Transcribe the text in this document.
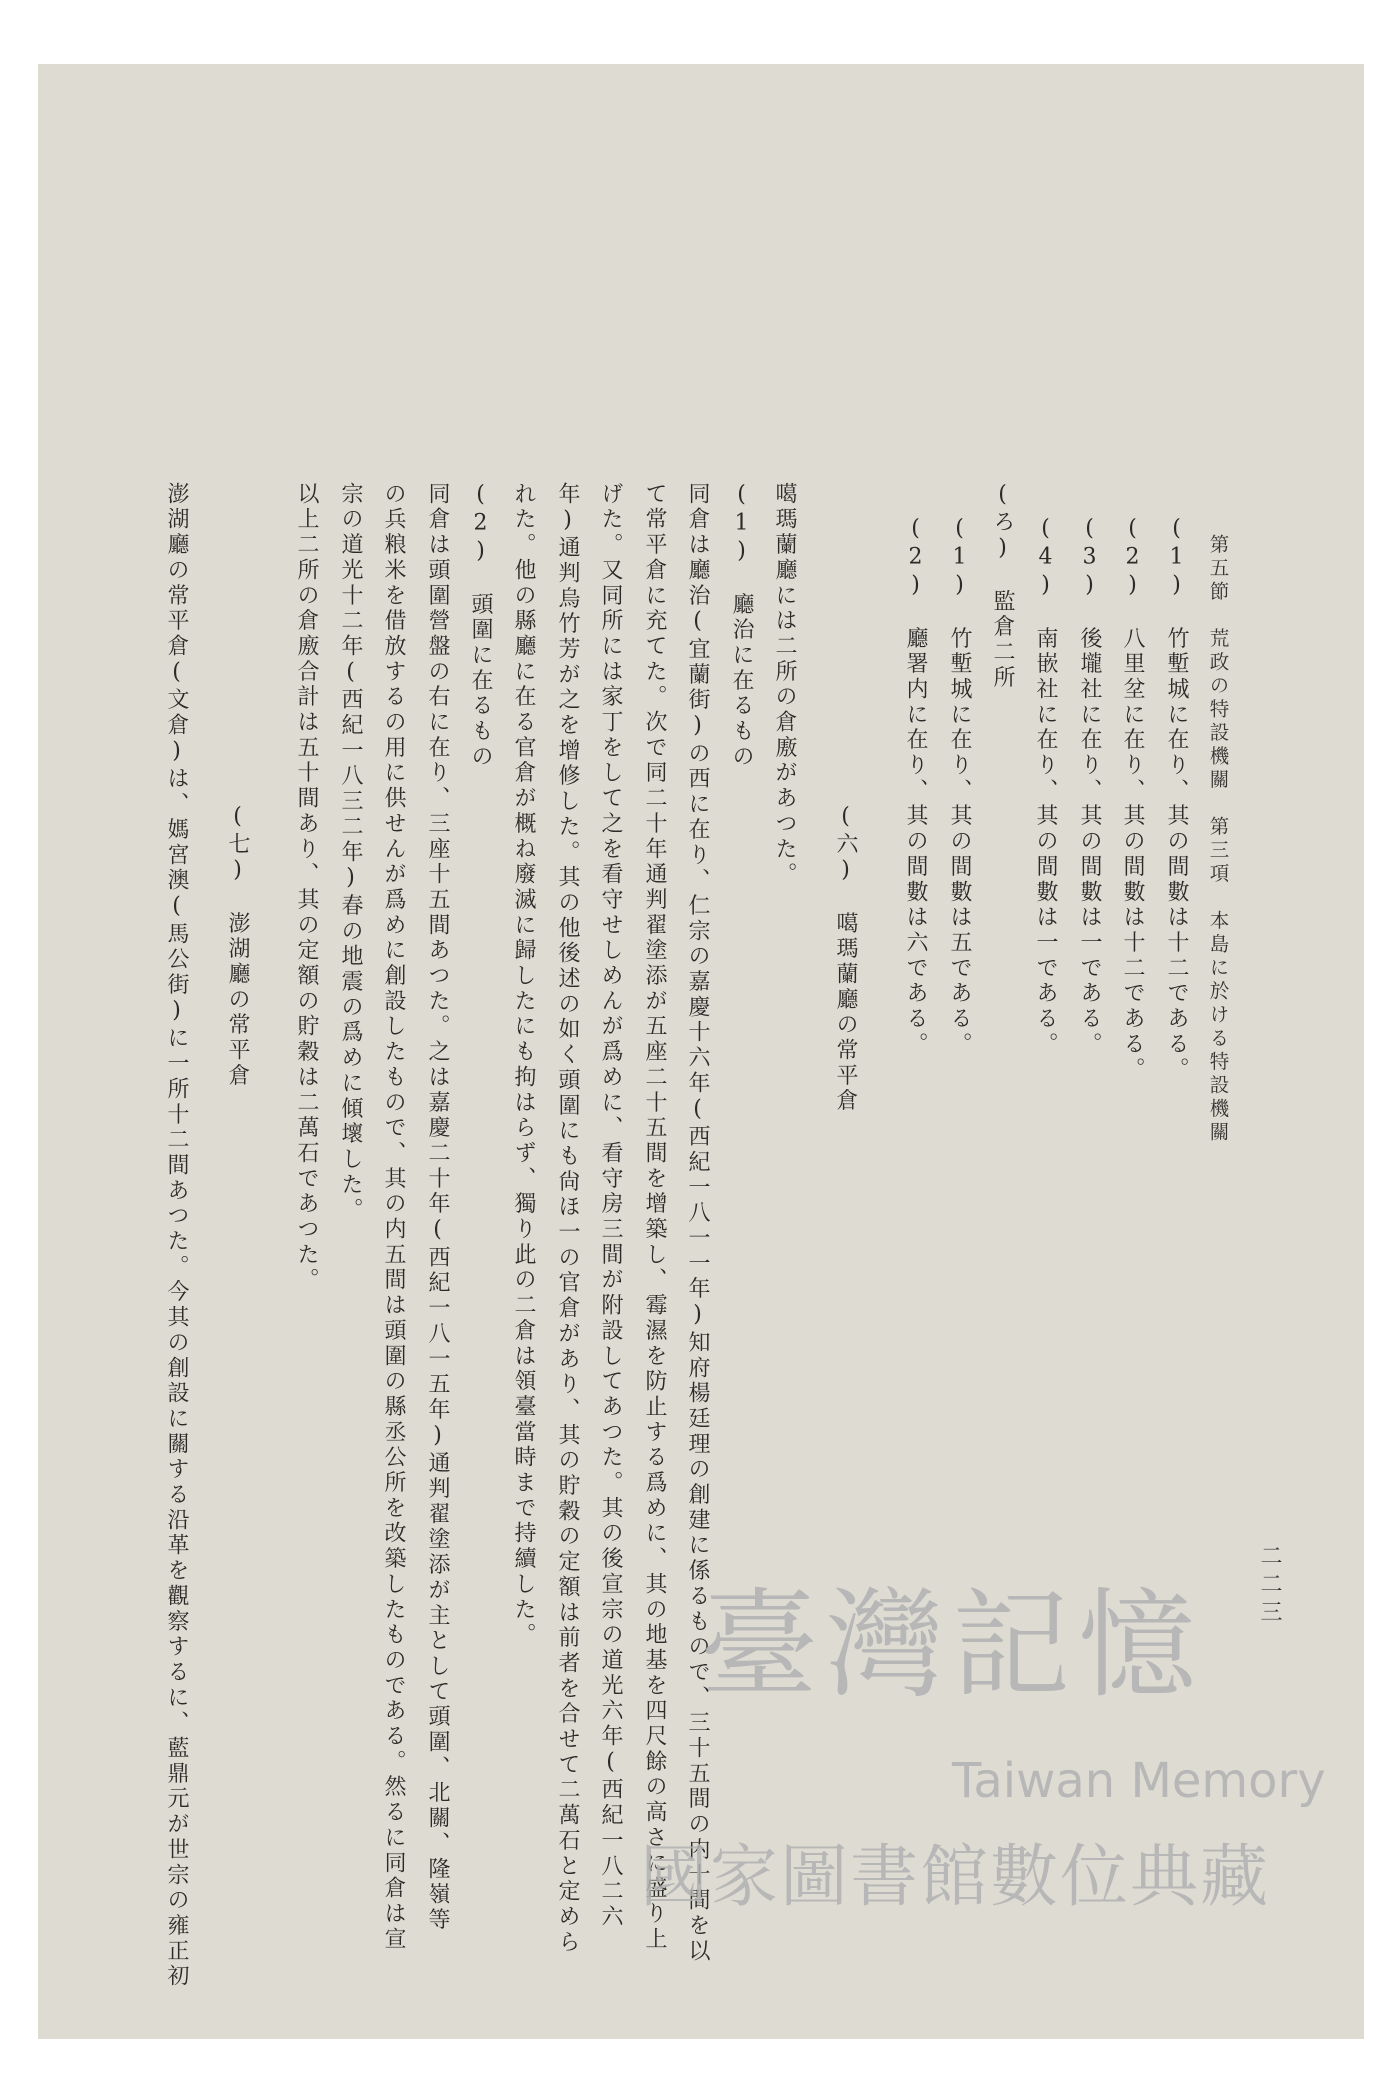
第五節　荒政の特設機關　第三項　本島に於ける特設機關
二二三
(1)　竹塹城に在り、其の間數は十二である。
(2)　八里坌に在り、其の間數は十二である。
(3)　後壠社に在り、其の間數は一である。
(4)　南嵌社に在り、其の間數は一である。
(ろ)　監倉二所
(1)　竹塹城に在り、其の間數は五である。
(2)　廳署内に在り、其の間數は六である。
(六)　噶瑪蘭廳の常平倉
噶瑪蘭廳には二所の倉廒があつた。
(1)　廳治に在るもの
同倉は廳治(宜蘭街)の西に在り、仁宗の嘉慶十六年(西紀一八一一年)知府楊廷理の創建に係るもので、三十五間の内十間を以
て常平倉に充てた。次で同二十年通判翟塗添が五座二十五間を增築し、霉濕を防止する爲めに、其の地基を四尺餘の高さに盛り上
げた。又同所には家丁をして之を看守せしめんが爲めに、看守房三間が附設してあつた。其の後宣宗の道光六年(西紀一八二六
年)通判烏竹芳が之を增修した。其の他後述の如く頭圍にも尙ほ一の官倉があり、其の貯穀の定額は前者を合せて二萬石と定めら
れた。他の縣廳に在る官倉が概ね廢滅に歸したにも拘はらず、獨り此の二倉は領臺當時まで持續した。
(2)　頭圍に在るもの
同倉は頭圍營盤の右に在り、三座十五間あつた。之は嘉慶二十年(西紀一八一五年)通判翟塗添が主として頭圍、北關、隆嶺等
の兵粮米を借放するの用に供せんが爲めに創設したもので、其の内五間は頭圍の縣丞公所を改築したものである。然るに同倉は宣
宗の道光十二年(西紀一八三二年)春の地震の爲めに傾壞した。
以上二所の倉廒合計は五十間あり、其の定額の貯穀は二萬石であつた。
(七)　澎湖廳の常平倉
澎湖廳の常平倉(文倉)は、媽宮澳(馬公街)に一所十二間あつた。今其の創設に關する沿革を觀察するに、藍鼎元が世宗の雍正初	臺灣記憶
Taiwan Memory
國家圖書館數位典藏
